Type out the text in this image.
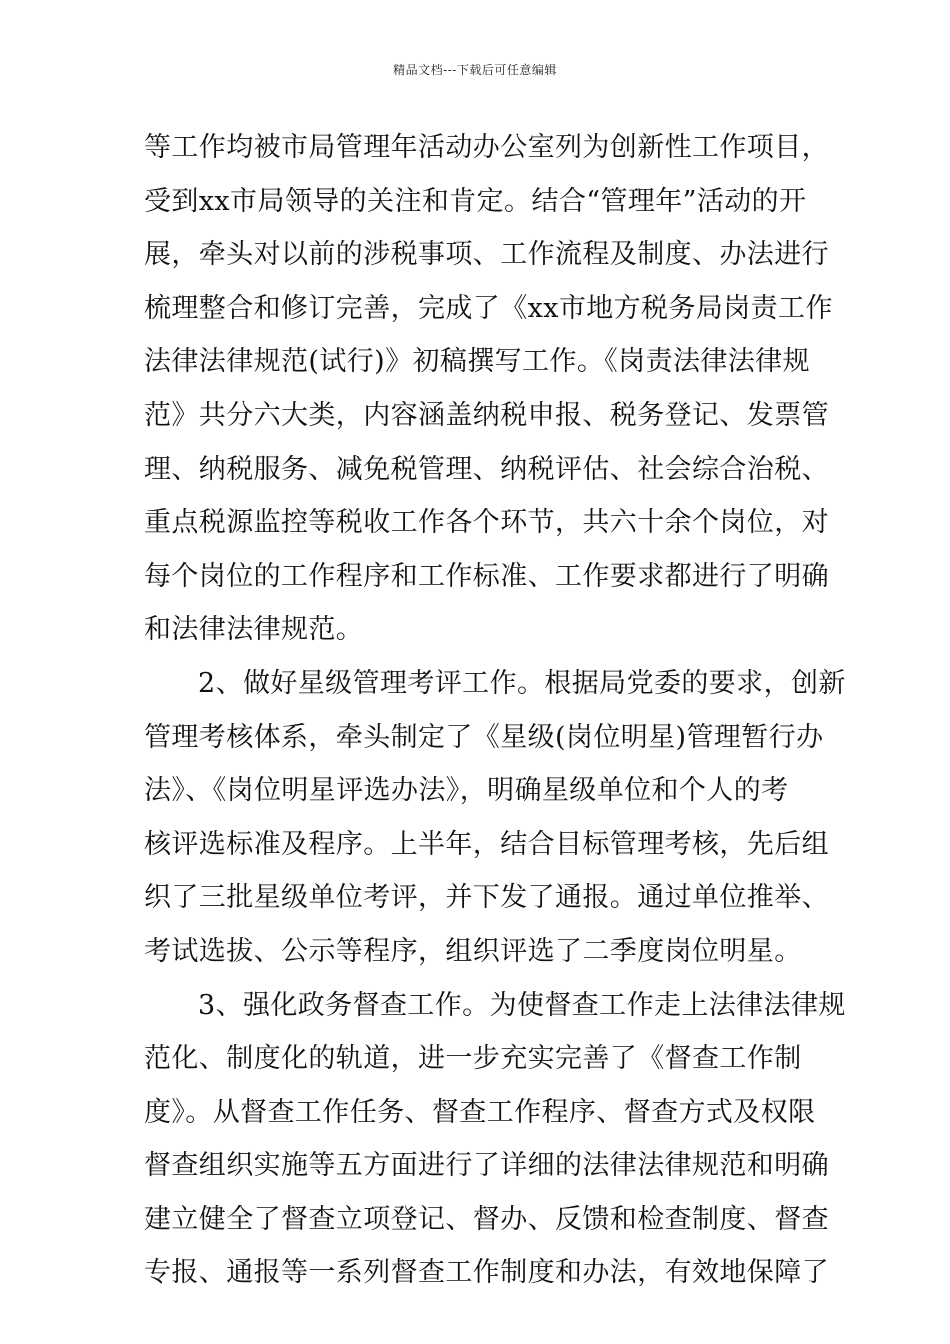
精品文档---下载后可任意编辑
等工作均被市局管理年活动办公室列为创新性工作项目，
受到xx市局领导的关注和肯定。结合“管理年”活动的开
展，牵头对以前的涉税事项、工作流程及制度、办法进行
梳理整合和修订完善，完成了《xx市地方税务局岗责工作
法律法律规范(试行)》初稿撰写工作。《岗责法律法律规
范》共分六大类，内容涵盖纳税申报、税务登记、发票管
理、纳税服务、减免税管理、纳税评估、社会综合治税、
重点税源监控等税收工作各个环节，共六十余个岗位，对
每个岗位的工作程序和工作标准、工作要求都进行了明确
和法律法律规范。
2、做好星级管理考评工作。根据局党委的要求，创新
管理考核体系，牵头制定了《星级(岗位明星)管理暂行办
法》、《岗位明星评选办法》，明确星级单位和个人的考
核评选标准及程序。上半年，结合目标管理考核，先后组
织了三批星级单位考评，并下发了通报。通过单位推举、
考试选拔、公示等程序，组织评选了二季度岗位明星。
3、强化政务督查工作。为使督查工作走上法律法律规
范化、制度化的轨道，进一步充实完善了《督查工作制
度》。从督查工作任务、督查工作程序、督查方式及权限
督查组织实施等五方面进行了详细的法律法律规范和明确
建立健全了督查立项登记、督办、反馈和检查制度、督查
专报、通报等一系列督查工作制度和办法，有效地保障了
